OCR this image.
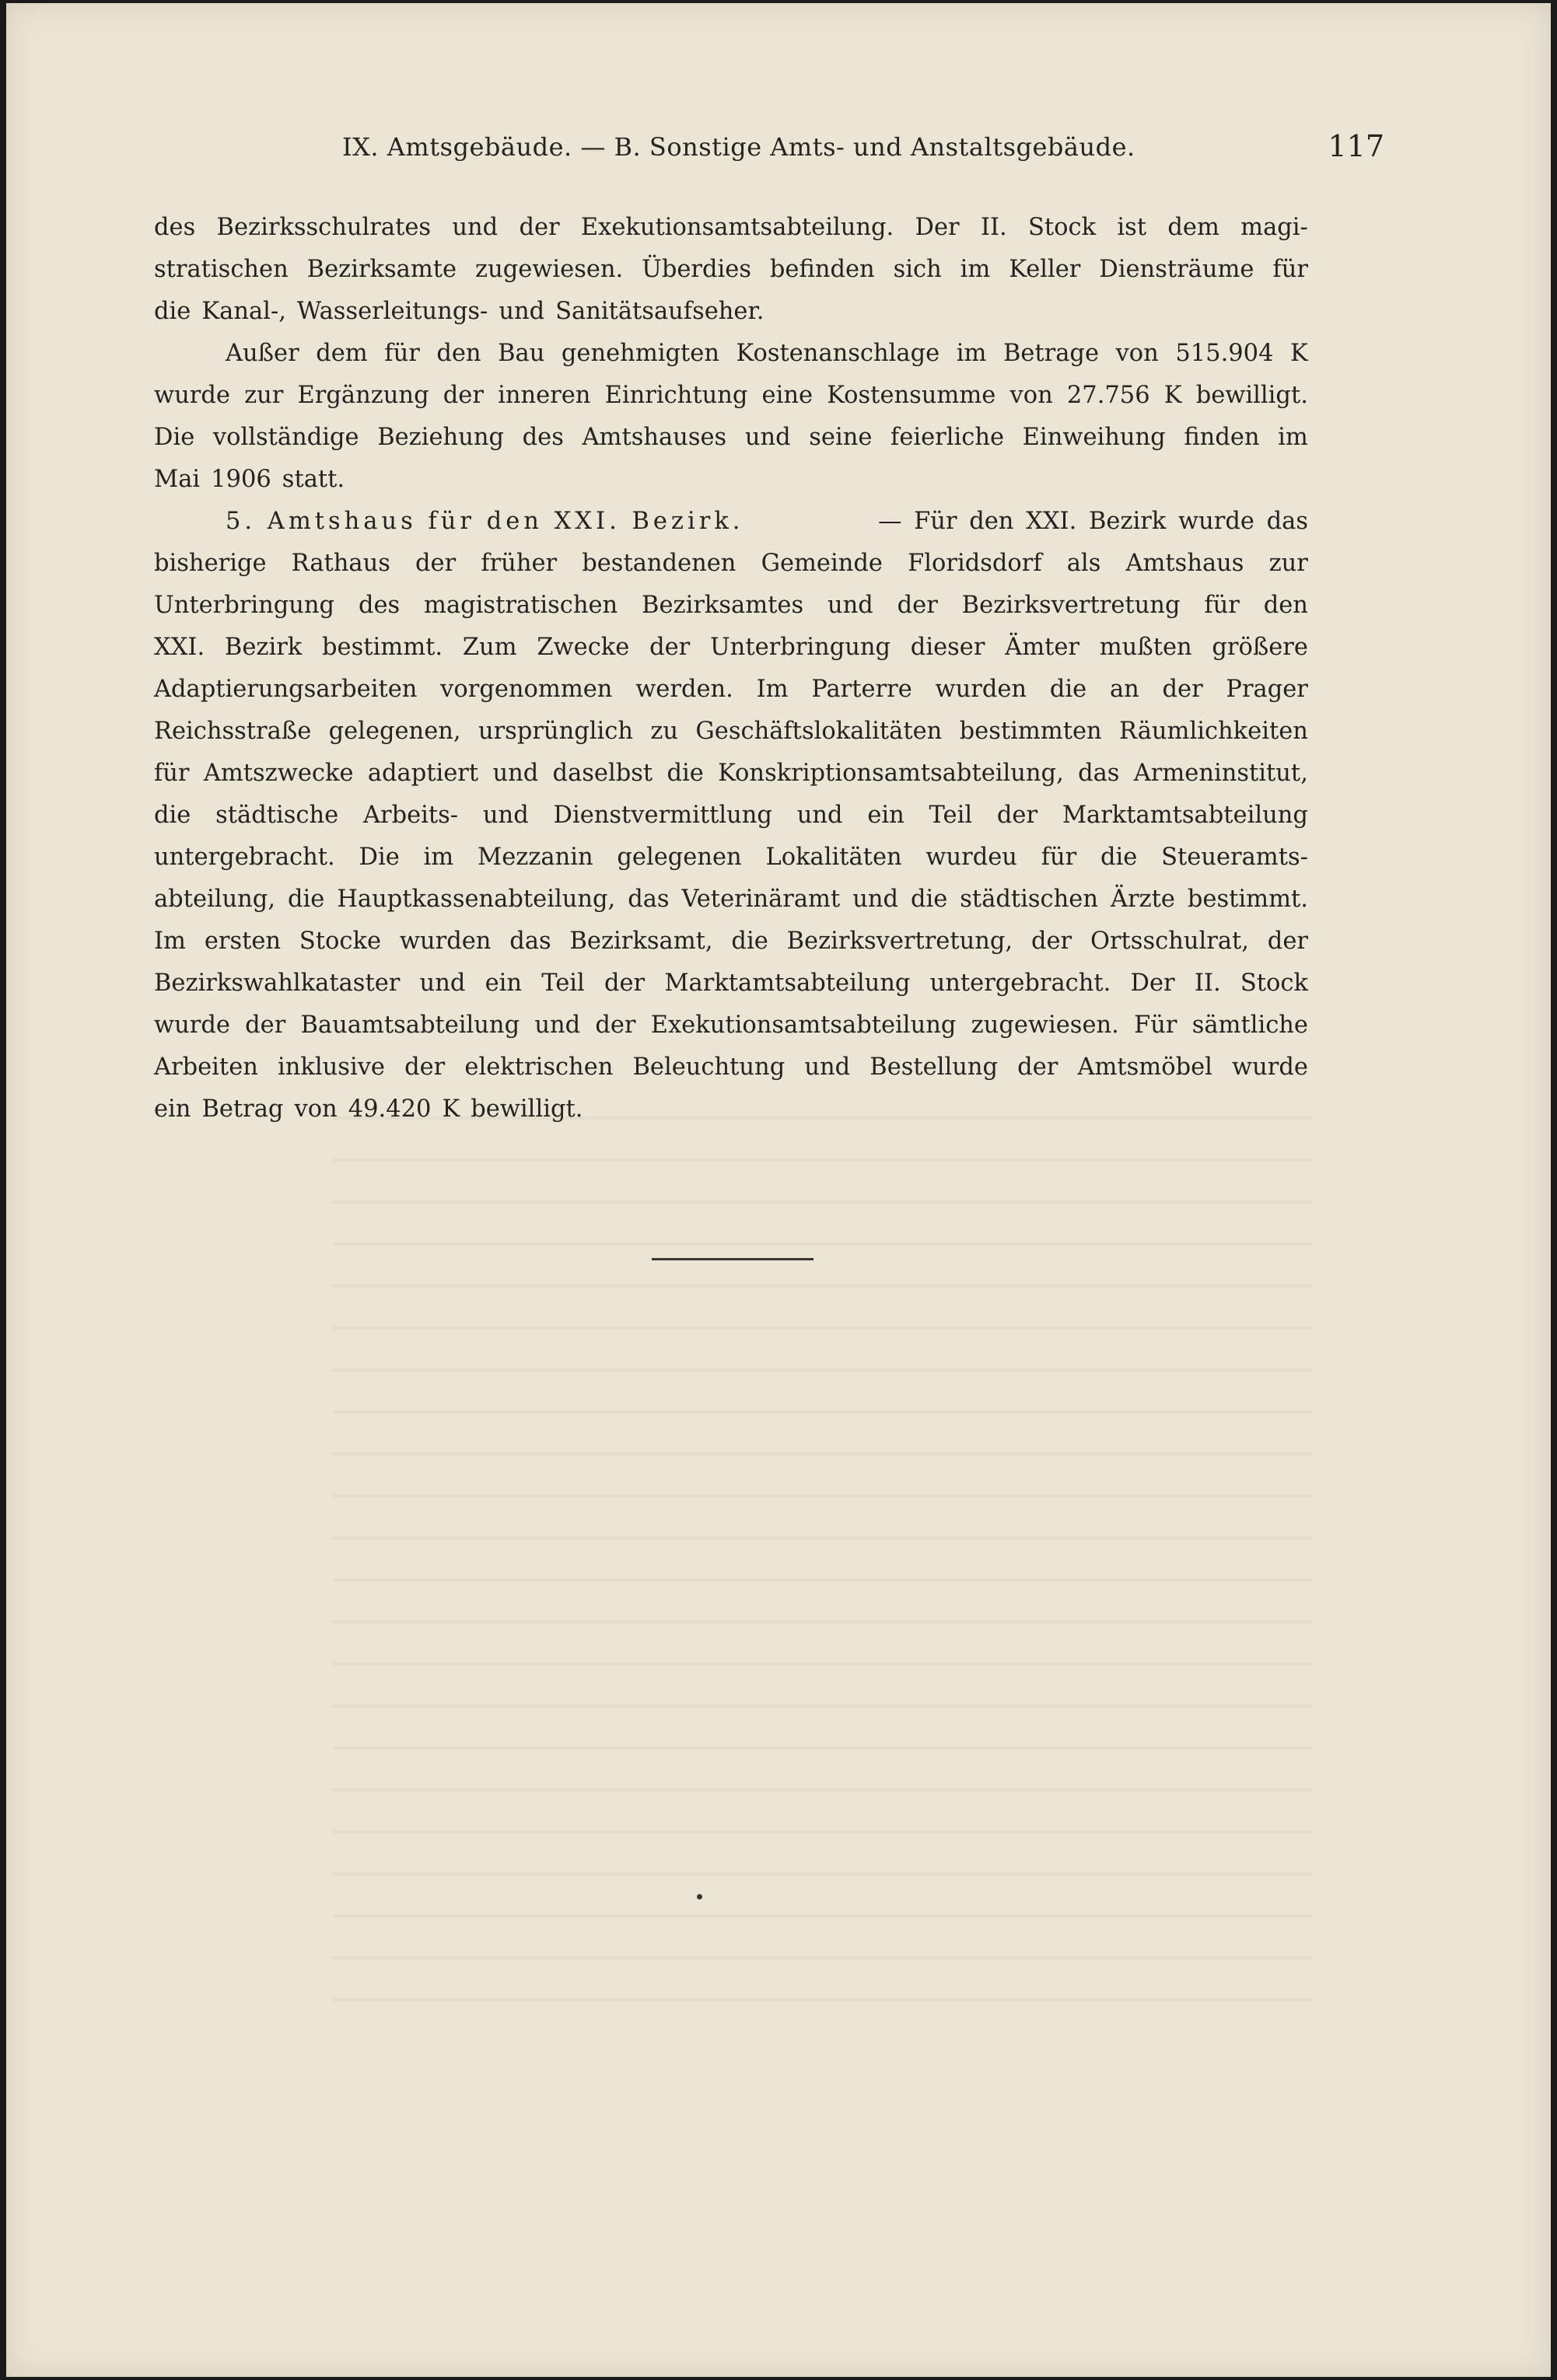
IX. Amtsgebäude. — B. Sonstige Amts- und Anstaltsgebäude.	117
des Bezirksschulrates und der Exekutionsamtsabteilung. Der II. Stock ist dem magi-
stratischen Bezirksamte zugewiesen. Überdies befinden sich im Keller Diensträume für
die Kanal-, Wasserleitungs- und Sanitätsaufseher.
Außer dem für den Bau genehmigten Kostenanschlage im Betrage von 515.904 K
wurde zur Ergänzung der inneren Einrichtung eine Kostensumme von 27.756 K bewilligt.
Die vollständige Beziehung des Amtshauses und seine feierliche Einweihung finden im
Mai 1906 statt.
5. Amtshaus für den XXI. Bezirk.	— Für den XXI. Bezirk wurde das
bisherige Rathaus der früher bestandenen Gemeinde Floridsdorf als Amtshaus zur
Unterbringung des magistratischen Bezirksamtes und der Bezirksvertretung für den
XXI. Bezirk bestimmt. Zum Zwecke der Unterbringung dieser Ämter mußten größere
Adaptierungsarbeiten vorgenommen werden. Im Parterre wurden die an der Prager
Reichsstraße gelegenen, ursprünglich zu Geschäftslokalitäten bestimmten Räumlichkeiten
für Amtszwecke adaptiert und daselbst die Konskriptionsamtsabteilung, das Armeninstitut,
die städtische Arbeits- und Dienstvermittlung und ein Teil der Marktamtsabteilung
untergebracht. Die im Mezzanin gelegenen Lokalitäten wurdeu für die Steueramts-
abteilung, die Hauptkassenabteilung, das Veterinäramt und die städtischen Ärzte bestimmt.
Im ersten Stocke wurden das Bezirksamt, die Bezirksvertretung, der Ortsschulrat, der
Bezirkswahlkataster und ein Teil der Marktamtsabteilung untergebracht. Der II. Stock
wurde der Bauamtsabteilung und der Exekutionsamtsabteilung zugewiesen. Für sämtliche
Arbeiten inklusive der elektrischen Beleuchtung und Bestellung der Amtsmöbel wurde
ein Betrag von 49.420 K bewilligt.
